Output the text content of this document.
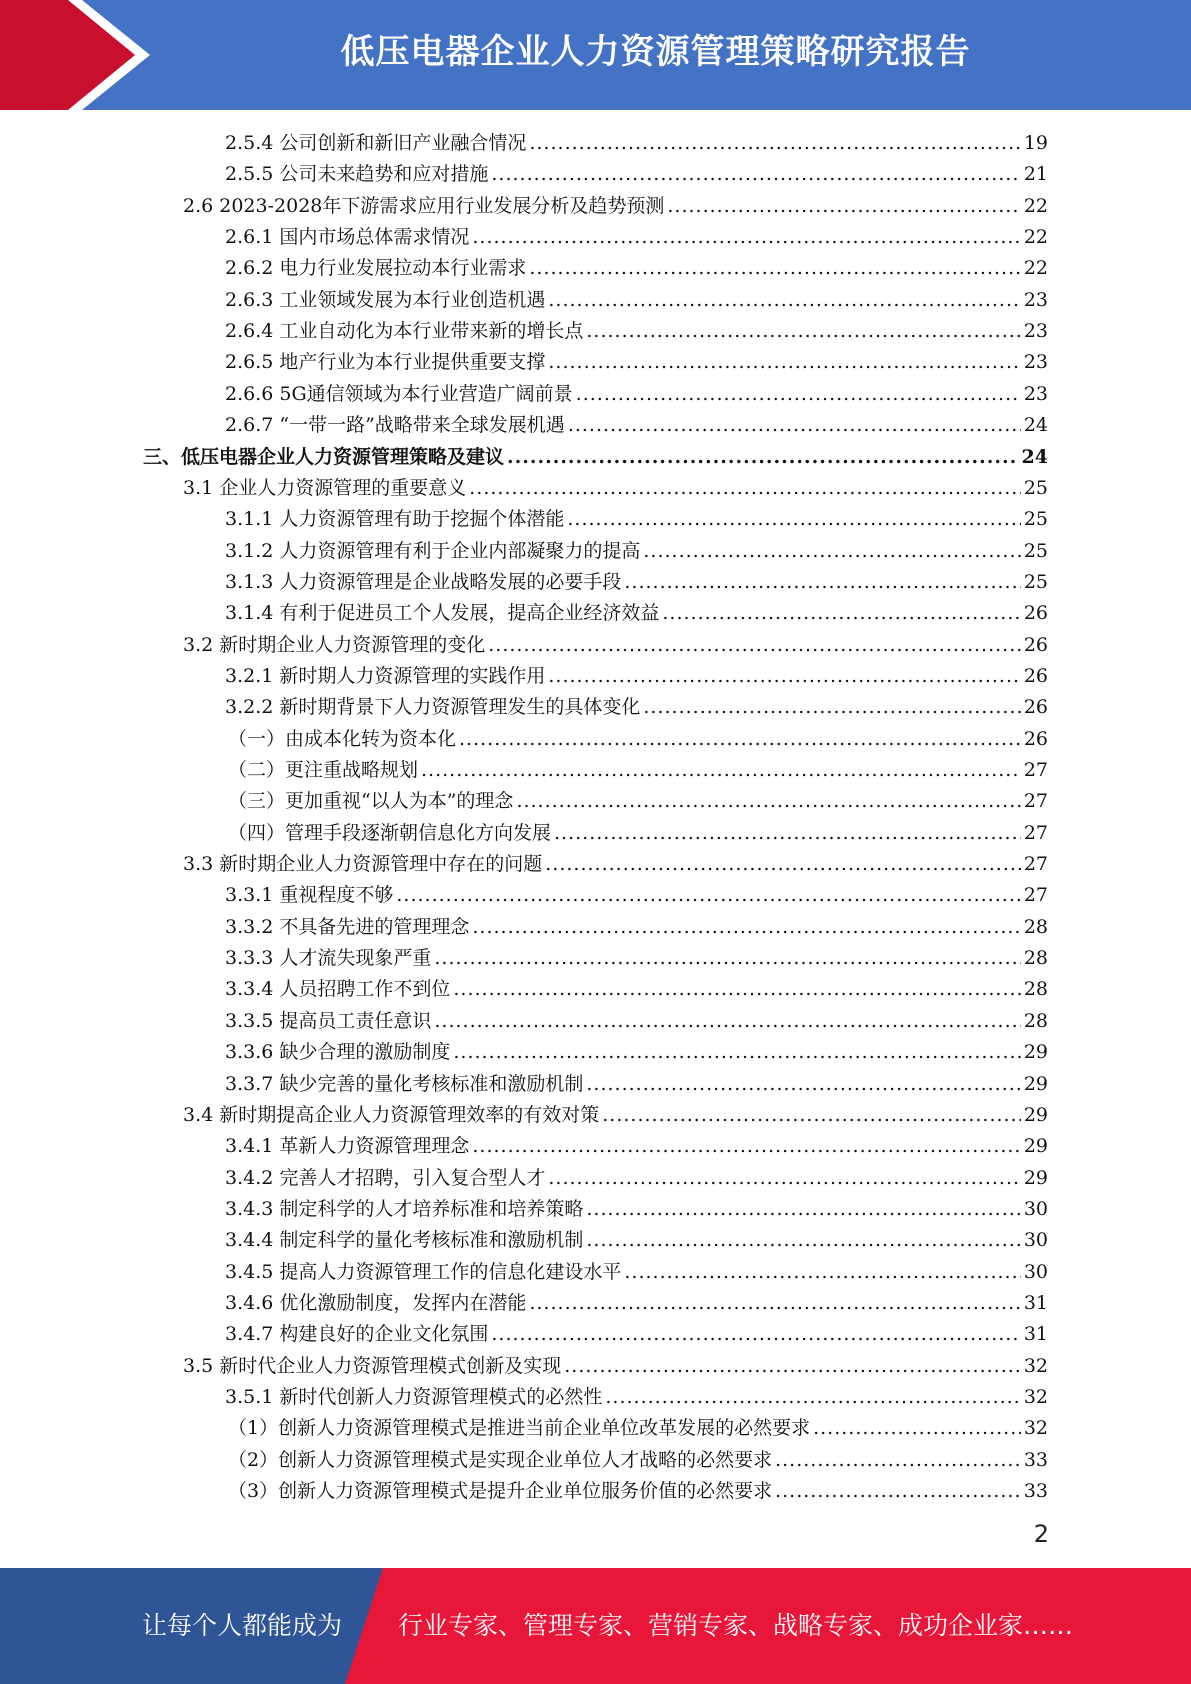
低压电器企业人力资源管理策略研究报告
2.5.4 公司创新和新旧产业融合情况 .....	19
2.5.5 公司未来趋势和应对措施 .....	21
2.6 2023-2028年下游需求应用行业发展分析及趋势预测 .....	22
2.6.1 国内市场总体需求情况 .....	22
2.6.2 电力行业发展拉动本行业需求 .....	22
2.6.3 工业领域发展为本行业创造机遇 .....	23
2.6.4 工业自动化为本行业带来新的增长点 .....	23
2.6.5 地产行业为本行业提供重要支撑 .....	23
2.6.6 5G通信领域为本行业营造广阔前景 .....	23
2.6.7 “一带一路”战略带来全球发展机遇 .....	24
三、低压电器企业人力资源管理策略及建议 .....	24
3.1 企业人力资源管理的重要意义 .....	25
3.1.1 人力资源管理有助于挖掘个体潜能 .....	25
3.1.2 人力资源管理有利于企业内部凝聚力的提高 .....	25
3.1.3 人力资源管理是企业战略发展的必要手段 .....	25
3.1.4 有利于促进员工个人发展，提高企业经济效益 .....	26
3.2 新时期企业人力资源管理的变化 .....	26
3.2.1 新时期人力资源管理的实践作用 .....	26
3.2.2 新时期背景下人力资源管理发生的具体变化 .....	26
（一）由成本化转为资本化 .....	26
（二）更注重战略规划 .....	27
（三）更加重视“以人为本”的理念 .....	27
（四）管理手段逐渐朝信息化方向发展 .....	27
3.3 新时期企业人力资源管理中存在的问题 .....	27
3.3.1 重视程度不够 .....	27
3.3.2 不具备先进的管理理念 .....	28
3.3.3 人才流失现象严重 .....	28
3.3.4 人员招聘工作不到位 .....	28
3.3.5 提高员工责任意识 .....	28
3.3.6 缺少合理的激励制度 .....	29
3.3.7 缺少完善的量化考核标准和激励机制 .....	29
3.4 新时期提高企业人力资源管理效率的有效对策 .....	29
3.4.1 革新人力资源管理理念 .....	29
3.4.2 完善人才招聘，引入复合型人才 .....	29
3.4.3 制定科学的人才培养标准和培养策略 .....	30
3.4.4 制定科学的量化考核标准和激励机制 .....	30
3.4.5 提高人力资源管理工作的信息化建设水平 .....	30
3.4.6 优化激励制度，发挥内在潜能 .....	31
3.4.7 构建良好的企业文化氛围 .....	31
3.5 新时代企业人力资源管理模式创新及实现 .....	32
3.5.1 新时代创新人力资源管理模式的必然性 .....	32
（1）创新人力资源管理模式是推进当前企业单位改革发展的必然要求 .....	32
（2）创新人力资源管理模式是实现企业单位人才战略的必然要求 .....	33
（3）创新人力资源管理模式是提升企业单位服务价值的必然要求 .....	33
2
让每个人都能成为 行业专家、管理专家、营销专家、战略专家、成功企业家……
